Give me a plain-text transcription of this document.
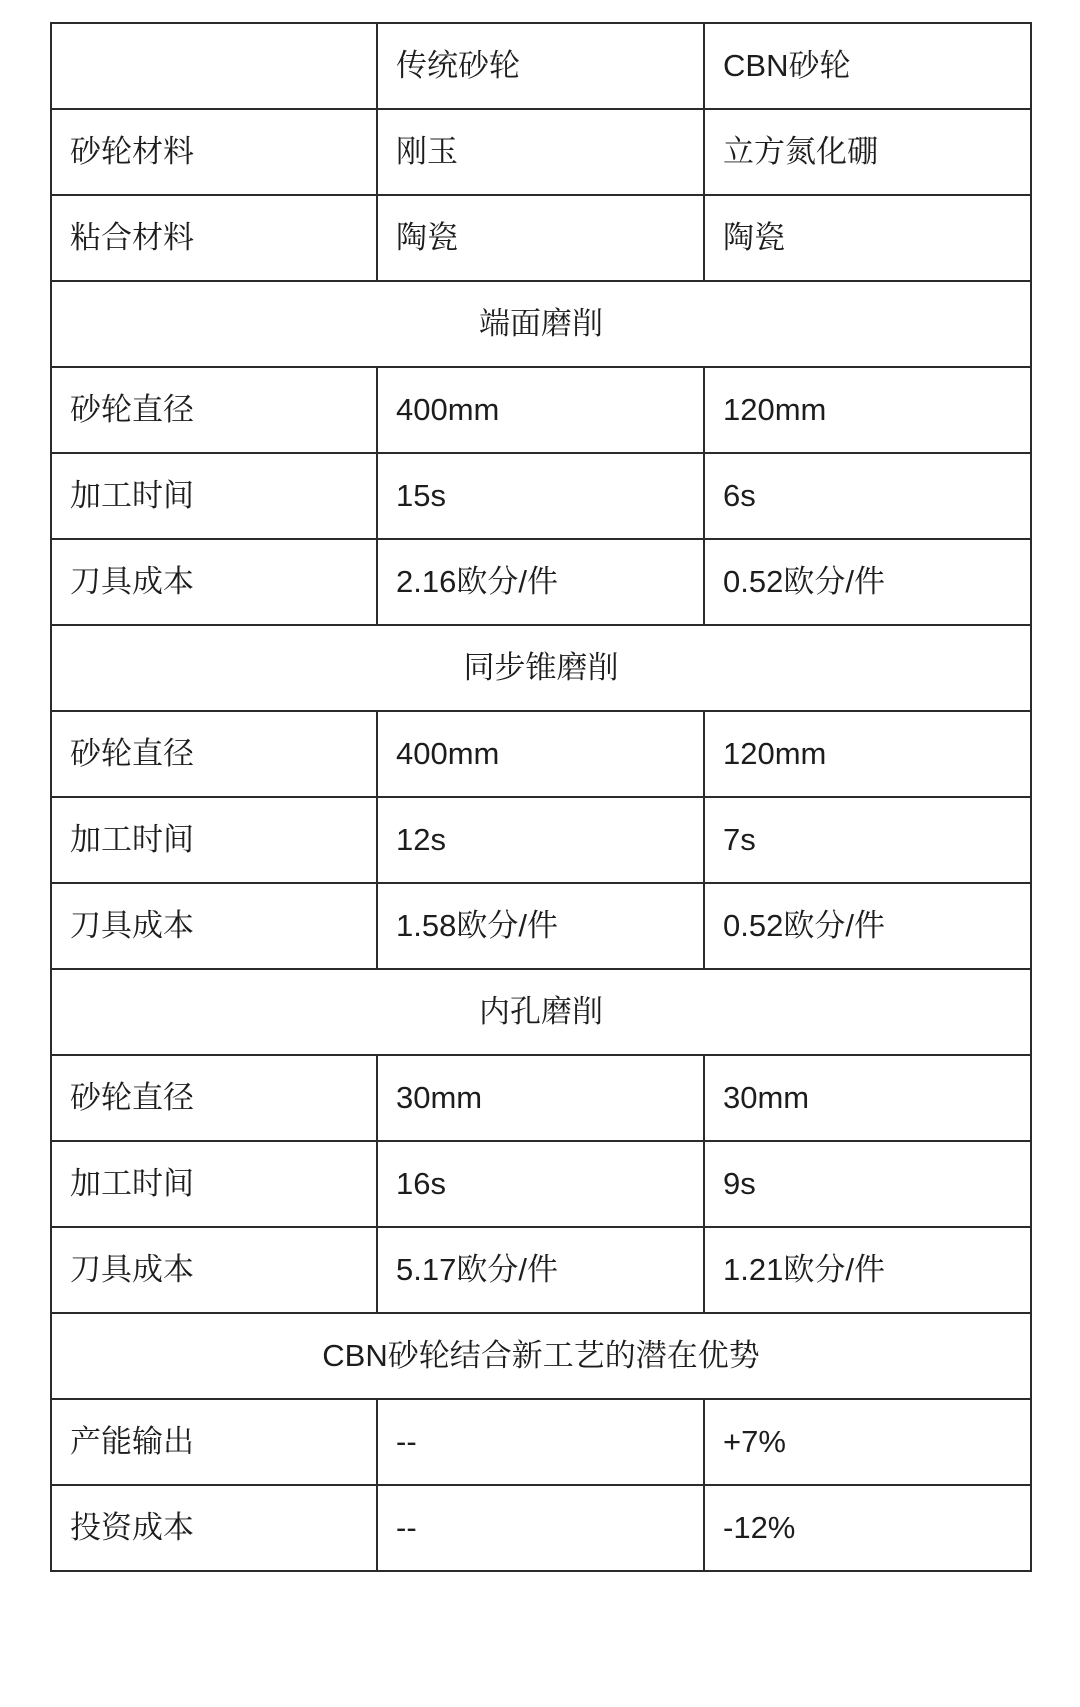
	传统砂轮	CBN砂轮
砂轮材料	刚玉	立方氮化硼
粘合材料	陶瓷	陶瓷
端面磨削		
砂轮直径	400mm	120mm
加工时间	15s	6s
刀具成本	2.16欧分/件	0.52欧分/件
同步锥磨削		
砂轮直径	400mm	120mm
加工时间	12s	7s
刀具成本	1.58欧分/件	0.52欧分/件
内孔磨削		
砂轮直径	30mm	30mm
加工时间	16s	9s
刀具成本	5.17欧分/件	1.21欧分/件
CBN砂轮结合新工艺的潜在优势		
产能输出	--	+7%
投资成本	--	-12%
